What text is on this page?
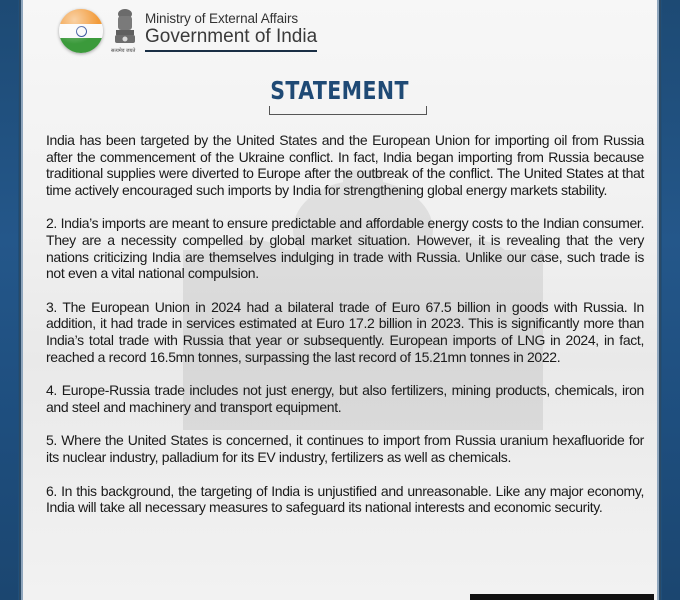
सत्यमेव जयते
Ministry of External Affairs
Government of India
STATEMENT

India has been targeted by the United States and the European Union for importing oil from Russia after the commencement of the Ukraine conflict. In fact, India began importing from Russia because traditional supplies were diverted to Europe after the outbreak of the conflict. The United States at that time actively encouraged such imports by India for strengthening global energy markets stability.

2. India’s imports are meant to ensure predictable and affordable energy costs to the Indian consumer. They are a necessity compelled by global market situation. However, it is revealing that the very nations criticizing India are themselves indulging in trade with Russia. Unlike our case, such trade is not even a vital national compulsion.

3. The European Union in 2024 had a bilateral trade of Euro 67.5 billion in goods with Russia. In addition, it had trade in services estimated at Euro 17.2 billion in 2023. This is significantly more than India’s total trade with Russia that year or subsequently. European imports of LNG in 2024, in fact, reached a record 16.5mn tonnes, surpassing the last record of 15.21mn tonnes in 2022.

4. Europe-Russia trade includes not just energy, but also fertilizers, mining products, chemicals, iron and steel and machinery and transport equipment.

5. Where the United States is concerned, it continues to import from Russia uranium hexafluoride for its nuclear industry, palladium for its EV industry, fertilizers as well as chemicals.

6. In this background, the targeting of India is unjustified and unreasonable. Like any major economy, India will take all necessary measures to safeguard its national interests and economic security.
